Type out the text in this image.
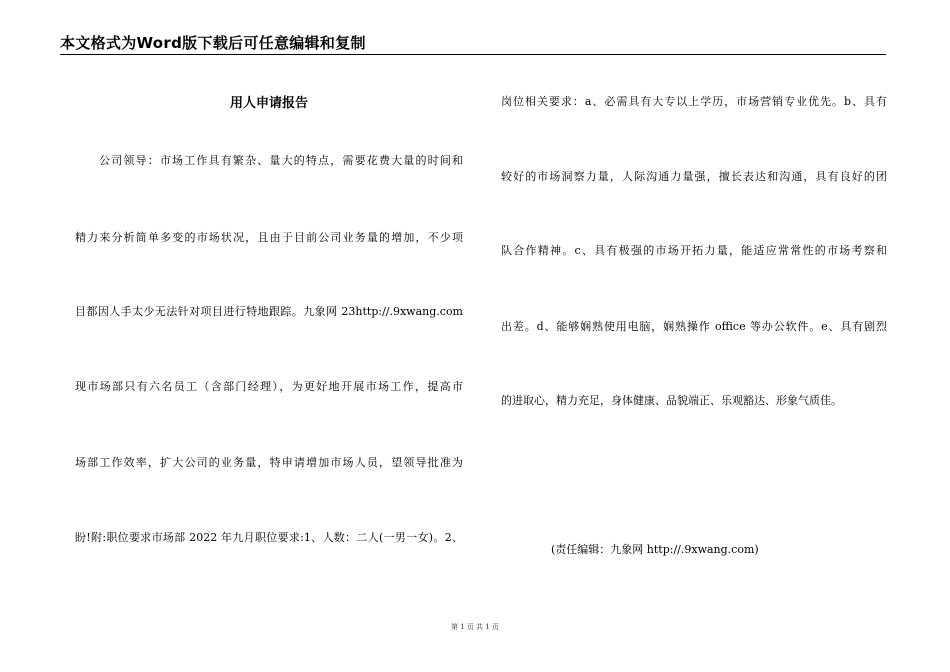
本文格式为Word版下载后可任意编辑和复制
用人申请报告
公司领导：市场工作具有繁杂、量大的特点，需要花费大量的时间和
精力来分析简单多变的市场状况，且由于目前公司业务量的增加，不少项
目都因人手太少无法针对项目进行特地跟踪。九象网 23http://.9xwang.com
现市场部只有六名员工（含部门经理），为更好地开展市场工作，提高市
场部工作效率，扩大公司的业务量，特申请增加市场人员，望领导批准为
盼!附:职位要求市场部 2022 年九月职位要求:1、人数：二人(一男一女)。2、
岗位相关要求：a、必需具有大专以上学历，市场营销专业优先。b、具有
较好的市场洞察力量，人际沟通力量强，擅长表达和沟通，具有良好的团
队合作精神。c、具有极强的市场开拓力量，能适应常常性的市场考察和
出差。d、能够娴熟使用电脑，娴熟操作 office 等办公软件。e、具有剧烈
的进取心，精力充足，身体健康、品貌端正、乐观豁达、形象气质佳。
(责任编辑：九象网 http://.9xwang.com)
第 1 页 共 1 页
